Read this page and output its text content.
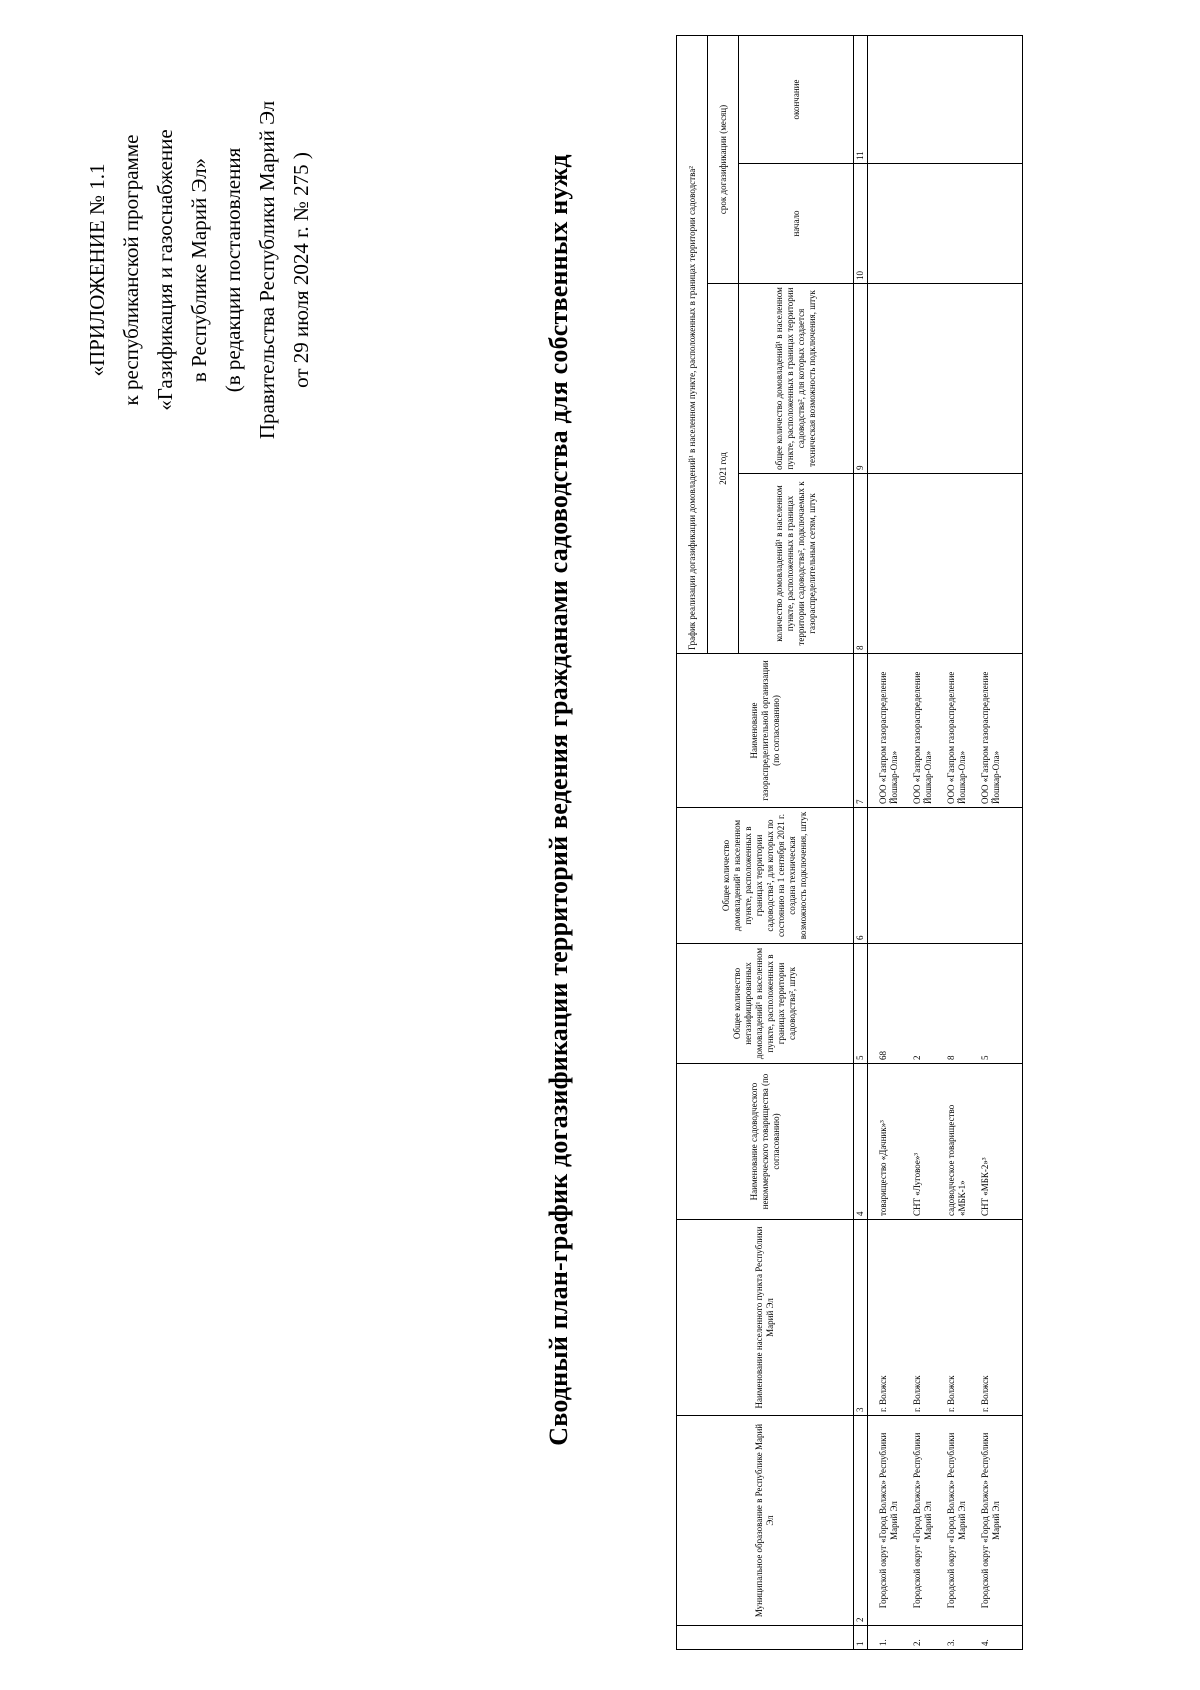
«ПРИЛОЖЕНИЕ № 1.1 к республиканской программе «Газификация и газоснабжение в Республике Марий Эл» (в редакции постановления Правительства Республики Марий Эл от 29 июля 2024 г. № 275 )	Сводный план-график догазификации территорий ведения гражданами садоводства для собственных нужд
	Муниципальное образование в Республике Марий Эл	Наименование населенного пункта Республики Марий Эл	Наименование садоводческого некоммерческого товарищества (по согласованию)	Общее количество негазифицированных домовладений¹ в населенном пункте, расположенных в границах территории садоводства², штук	Общее количество домовладений¹ в населенном пункте, расположенных в границах территории садоводства², для которых по состоянию на 1 сентября 2021 г. создана техническая возможность подключения, штук	Наименование газораспределительной организации (по согласованию)	График реализации догазификации домовладений¹ в населенном пункте, расположенных в границах территории садоводства²			
							2021 год		срок догазификации (месяц)	
							количество домовладений¹ в населенном пункте, расположенных в границах территории садоводства², подключаемых к газораспределительным сетям, штук	общее количество домовладений¹ в населенном пункте, расположенных в границах территории садоводства², для которых создается техническая возможность подключения, штук	начало	окончание
1	2	3	4	5	6	7	8	9	10	11
1.	Городской округ «Город Волжск» Республики Марий Эл	г. Волжск	товарищество «Дачник»³	68		ООО «Газпром газораспределение Йошкар-Ола»				
2.	Городской округ «Город Волжск» Республики Марий Эл	г. Волжск	СНТ «Луговое»³	2		ООО «Газпром газораспределение Йошкар-Ола»				
3.	Городской округ «Город Волжск» Республики Марий Эл	г. Волжск	садоводческое товарищество «МБК-1»	8		ООО «Газпром газораспределение Йошкар-Ола»				
4.	Городской округ «Город Волжск» Республики Марий Эл	г. Волжск	СНТ «МБК-2»³	5		ООО «Газпром газораспределение Йошкар-Ола»				
